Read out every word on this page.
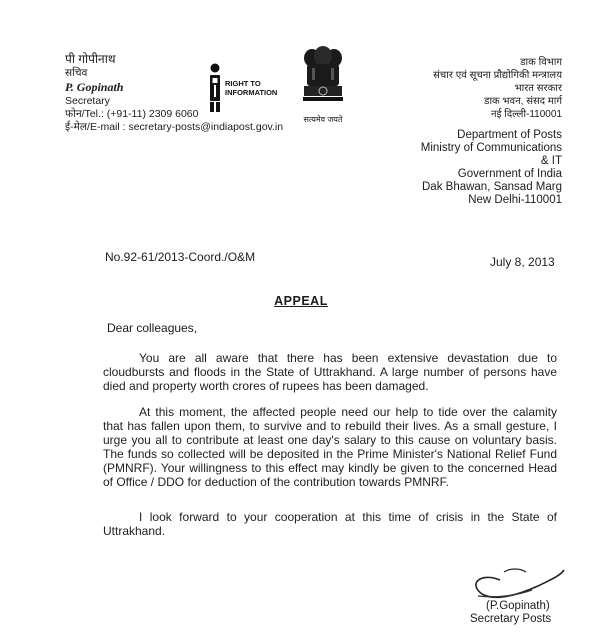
पी गोपीनाथ
सचिव
P. Gopinath
Secretary
फोन/Tel.: (+91-11) 2309 6060
ई-मेल/E-mail : secretary-posts@indiapost.gov.in
RIGHT TO
INFORMATION
सत्यमेव जयते
डाक विभाग
संचार एवं सूचना प्रौद्योगिकी मन्त्रालय
भारत सरकार
डाक भवन, संसद मार्ग
नई दिल्ली-110001
Department of Posts
Ministry of Communications & IT
Government of India
Dak Bhawan, Sansad Marg
New Delhi-110001
No.92-61/2013-Coord./O&M	July 8, 2013
APPEAL
Dear colleagues,

You are all aware that there has been extensive devastation due to cloudbursts and floods in the State of Uttrakhand. A large number of persons have died and property worth crores of rupees has been damaged.

At this moment, the affected people need our help to tide over the calamity that has fallen upon them, to survive and to rebuild their lives. As a small gesture, I urge you all to contribute at least one day's salary to this cause on voluntary basis. The funds so collected will be deposited in the Prime Minister's National Relief Fund (PMNRF). Your willingness to this effect may kindly be given to the concerned Head of Office / DDO for deduction of the contribution towards PMNRF.

I look forward to your cooperation at this time of crisis in the State of Uttrakhand.

(P.Gopinath)
Secretary Posts
